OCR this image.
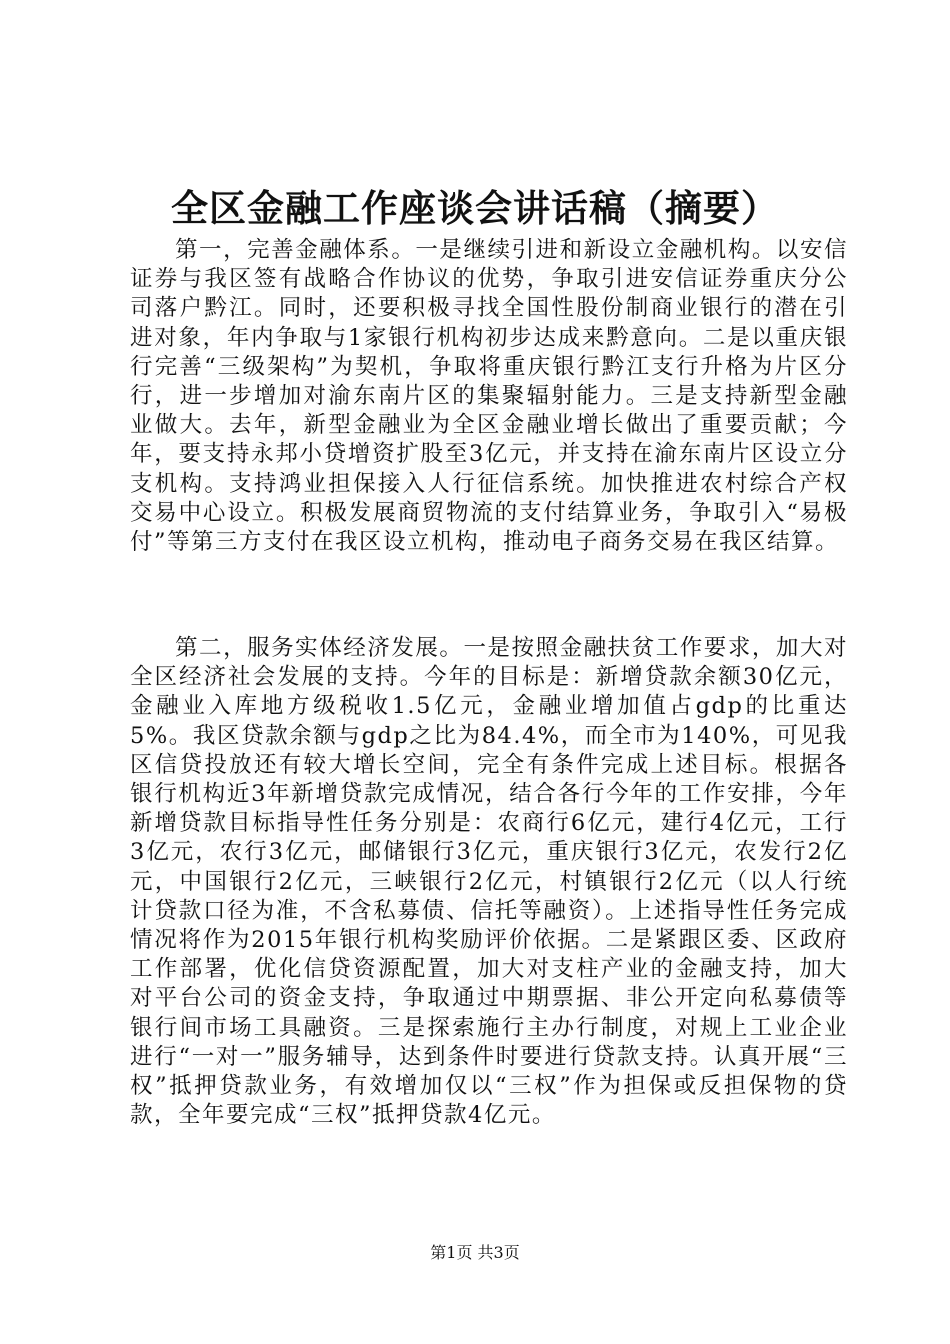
全区金融工作座谈会讲话稿（摘要）

第一，完善金融体系。一是继续引进和新设立金融机构。以安信证券与我区签有战略合作协议的优势，争取引进安信证券重庆分公司落户黔江。同时，还要积极寻找全国性股份制商业银行的潜在引进对象，年内争取与1家银行机构初步达成来黔意向。二是以重庆银行完善“三级架构”为契机，争取将重庆银行黔江支行升格为片区分行，进一步增加对渝东南片区的集聚辐射能力。三是支持新型金融业做大。去年，新型金融业为全区金融业增长做出了重要贡献；今年，要支持永邦小贷增资扩股至3亿元，并支持在渝东南片区设立分支机构。支持鸿业担保接入人行征信系统。加快推进农村综合产权交易中心设立。积极发展商贸物流的支付结算业务，争取引入“易极付”等第三方支付在我区设立机构，推动电子商务交易在我区结算。

第二，服务实体经济发展。一是按照金融扶贫工作要求，加大对全区经济社会发展的支持。今年的目标是：新增贷款余额30亿元，金融业入库地方级税收1.5亿元，金融业增加值占gdp的比重达5%。我区贷款余额与gdp之比为84.4%，而全市为140%，可见我区信贷投放还有较大增长空间，完全有条件完成上述目标。根据各银行机构近3年新增贷款完成情况，结合各行今年的工作安排，今年新增贷款目标指导性任务分别是：农商行6亿元，建行4亿元，工行3亿元，农行3亿元，邮储银行3亿元，重庆银行3亿元，农发行2亿元，中国银行2亿元，三峡银行2亿元，村镇银行2亿元（以人行统计贷款口径为准，不含私募债、信托等融资）。上述指导性任务完成情况将作为2015年银行机构奖励评价依据。二是紧跟区委、区政府工作部署，优化信贷资源配置，加大对支柱产业的金融支持，加大对平台公司的资金支持，争取通过中期票据、非公开定向私募债等银行间市场工具融资。三是探索施行主办行制度，对规上工业企业进行“一对一”服务辅导，达到条件时要进行贷款支持。认真开展“三权”抵押贷款业务，有效增加仅以“三权”作为担保或反担保物的贷款，全年要完成“三权”抵押贷款4亿元。

第1页 共3页
